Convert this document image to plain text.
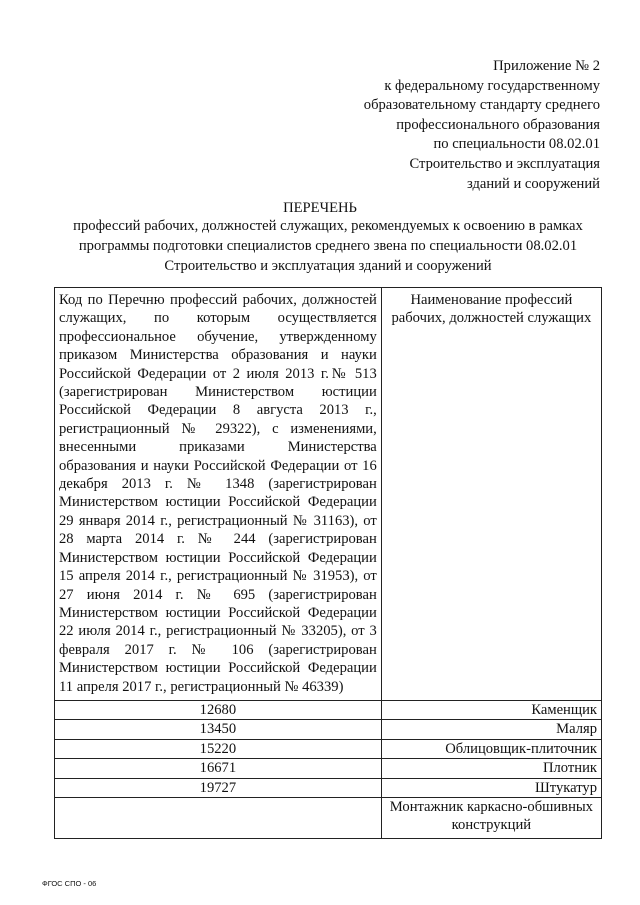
Приложение № 2
к федеральному государственному
образовательному стандарту среднего
профессионального образования
по специальности 08.02.01
Строительство и эксплуатация
зданий и сооружений
ПЕРЕЧЕНЬ
профессий рабочих, должностей служащих, рекомендуемых к освоению в рамках программы подготовки специалистов среднего звена по специальности 08.02.01 Строительство и эксплуатация зданий и сооружений
Код по Перечню профессий рабочих, должностей служащих, по которым осуществляется профессиональное обучение, утвержденному приказом Министерства образования и науки Российской Федерации от 2 июля 2013 г.№ 513 (зарегистрирован Министерством юстиции Российской Федерации 8 августа 2013 г., регистрационный № 29322), с изменениями, внесенными приказами Министерства образования и науки Российской Федерации от 16 декабря 2013 г. № 1348 (зарегистрирован Министерством юстиции Российской Федерации 29 января 2014 г., регистрационный № 31163), от 28 марта 2014 г. № 244 (зарегистрирован Министерством юстиции Российской Федерации 15 апреля 2014 г., регистрационный № 31953), от 27 июня 2014 г. № 695 (зарегистрирован Министерством юстиции Российской Федерации 22 июля 2014 г., регистрационный № 33205), от 3 февраля 2017 г. № 106 (зарегистрирован Министерством юстиции Российской Федерации 11 апреля 2017 г., регистрационный № 46339)	Наименование профессий рабочих, должностей служащих
12680	Каменщик
13450	Маляр
15220	Облицовщик-плиточник
16671	Плотник
19727	Штукатур
	Монтажник каркасно-обшивных конструкций
ФГОС СПО - 06
